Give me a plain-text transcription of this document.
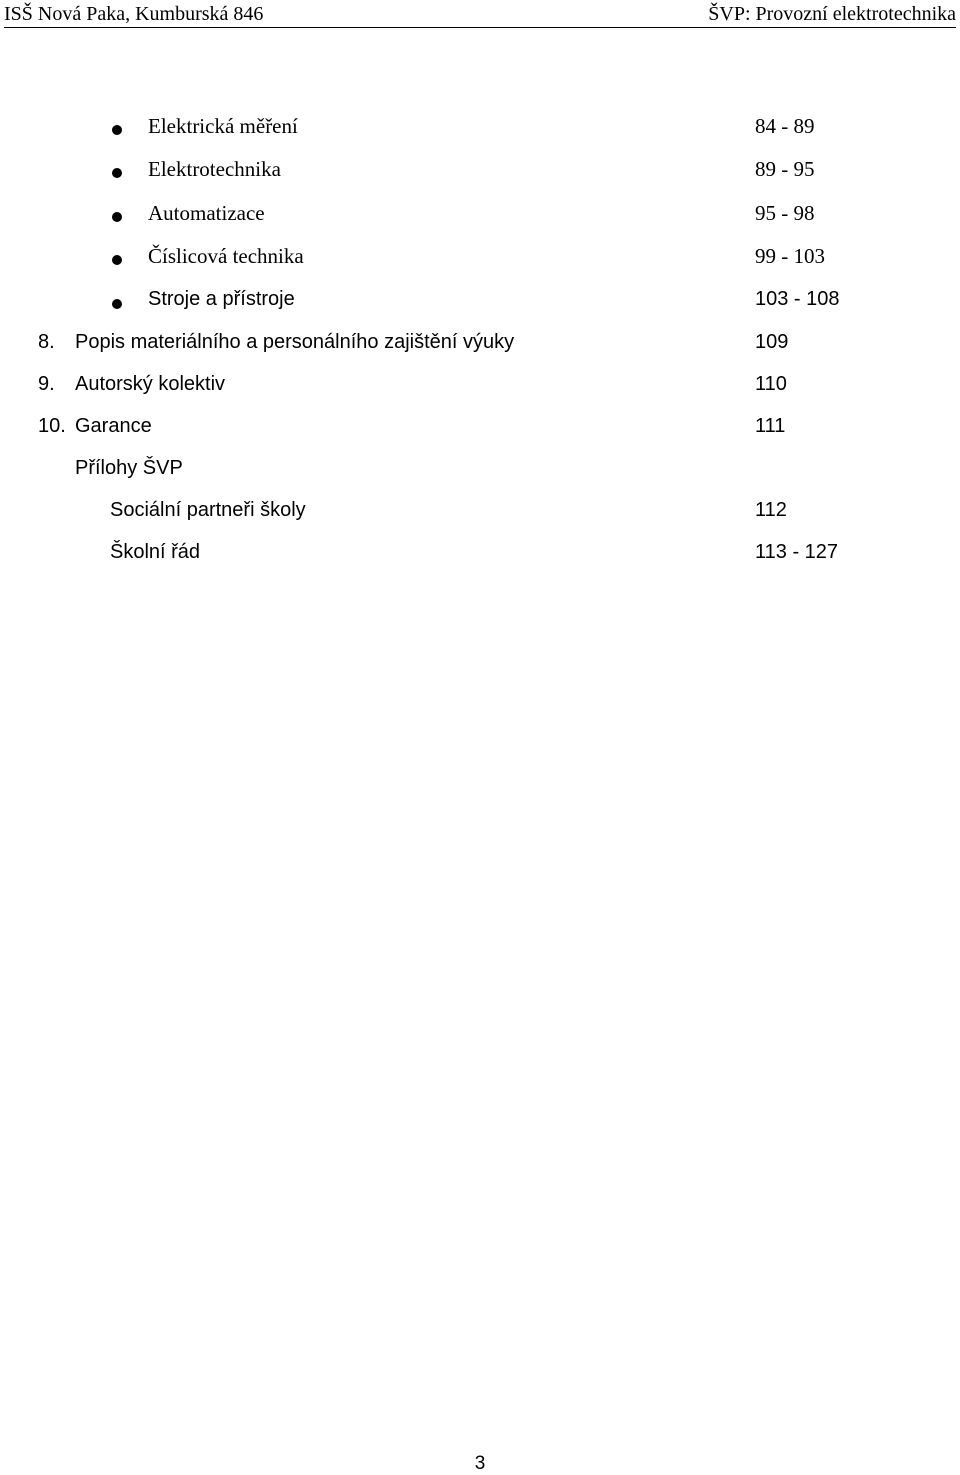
ISŠ Nová Paka, Kumburská 846	ŠVP: Provozní elektrotechnika
Elektrická měření	84 - 89
Elektrotechnika	89 - 95
Automatizace	95 - 98
Číslicová technika	99 - 103
Stroje a přístroje	103 - 108
8. Popis materiálního a personálního zajištění výuky	109
9. Autorský kolektiv	110
10. Garance	111
Přílohy ŠVP
Sociální partneři školy	112
Školní řád	113 - 127
3
